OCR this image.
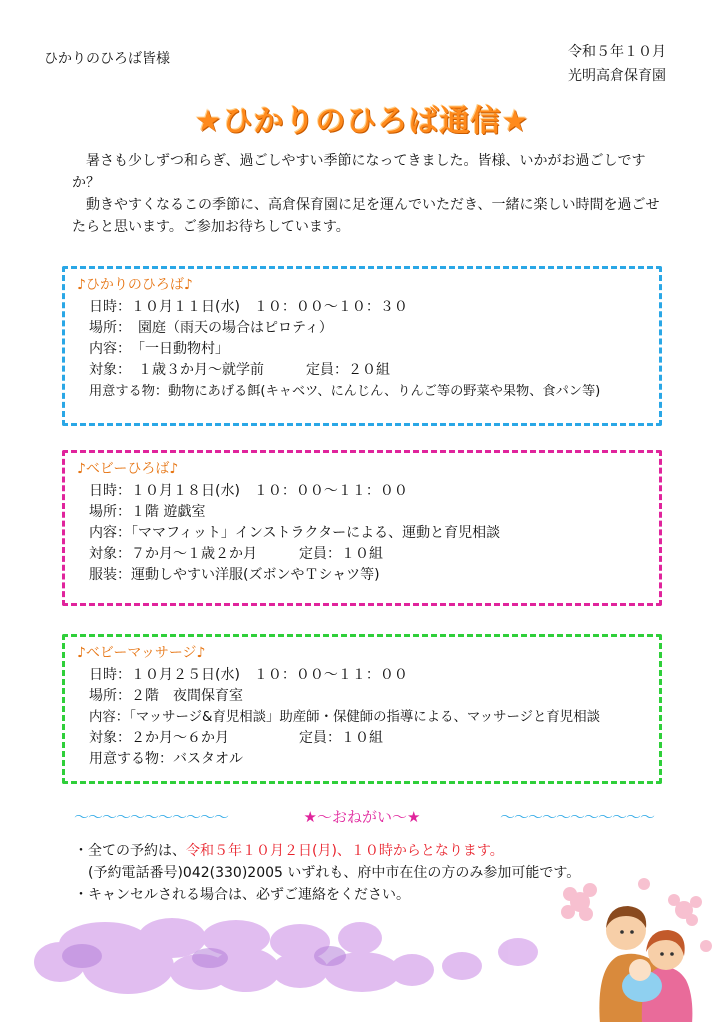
ひかりのひろば皆様	令和５年１０月
光明高倉保育園
★ひかりのひろば通信★

暑さも少しずつ和らぎ、過ごしやすい季節になってきました。皆様、いかがお過ごしですか？

動きやすくなるこの季節に、高倉保育園に足を運んでいただき、一緒に楽しい時間を過ごせたらと思います。ご参加お待ちしています。

♪ひかりのひろば♪
日時：１０月１１日(水)　１０：００～１０：３０
場所：　園庭（雨天の場合はピロティ）
内容：　「一日動物村」
対象：　１歳３か月～就学前　　　定員：２０組
用意する物：動物にあげる餌(キャベツ、にんじん、りんご等の野菜や果物、食パン等)
♪ベビーひろば♪
日時：１０月１８日(水)　１０：００～１１：００
場所：１階 遊戯室
内容：「ママフィット」インストラクターによる、運動と育児相談
対象：７か月～１歳２か月　　　定員：１０組
服装：運動しやすい洋服(ズボンやＴシャツ等)
♪ベビーマッサージ♪
日時：１０月２５日(水)　１０：００～１１：００
場所：２階　夜間保育室
内容：「マッサージ&育児相談」助産師・保健師の指導による、マッサージと育児相談
対象：２か月～６か月　　　　　定員：１０組
用意する物：バスタオル
～～～～～～～～～～～	★～おねがい～★	～～～～～～～～～～～
・全ての予約は、令和５年１０月２日(月)、１０時からとなります。
(予約電話番号)042(330)2005 いずれも、府中市在住の方のみ参加可能です。
・キャンセルされる場合は、必ずご連絡をください。
